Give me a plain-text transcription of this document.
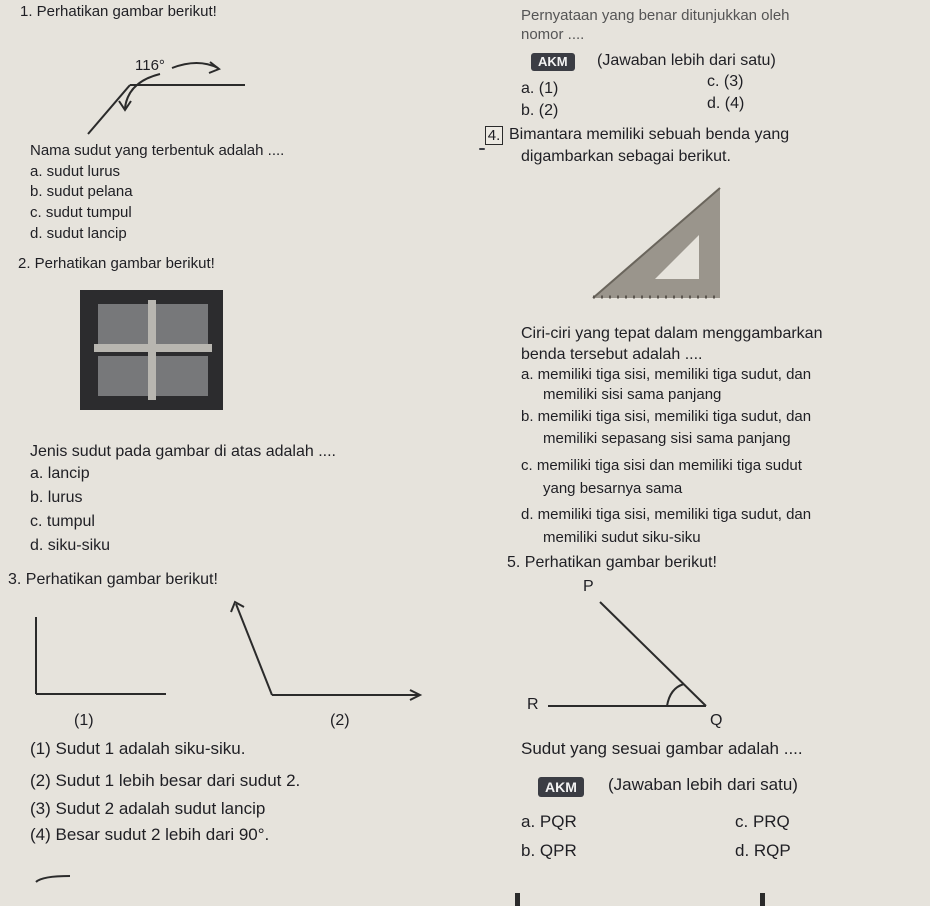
1. Perhatikan gambar berikut!
116°
Nama sudut yang terbentuk adalah ....
a. sudut lurus
b. sudut pelana
c. sudut tumpul
d. sudut lancip
2. Perhatikan gambar berikut!
Jenis sudut pada gambar di atas adalah ....
a. lancip
b. lurus
c. tumpul
d. siku-siku
3. Perhatikan gambar berikut!
(1)	(2)
(1) Sudut 1 adalah siku-siku.
(2) Sudut 1 lebih besar dari sudut 2.
(3) Sudut 2 adalah sudut lancip
(4) Besar sudut 2 lebih dari 90°.
Pernyataan yang benar ditunjukkan oleh
nomor ....
AKM	(Jawaban lebih dari satu)
a. (1)
b. (2)
c. (3)
d. (4)
4. Bimantara memiliki sebuah benda yang
digambarkan sebagai berikut.
Ciri-ciri yang tepat dalam menggambarkan
benda tersebut adalah ....
a. memiliki tiga sisi, memiliki tiga sudut, dan
memiliki sisi sama panjang
b. memiliki tiga sisi, memiliki tiga sudut, dan
memiliki sepasang sisi sama panjang
c. memiliki tiga sisi dan memiliki tiga sudut
yang besarnya sama
d. memiliki tiga sisi, memiliki tiga sudut, dan
memiliki sudut siku-siku
5. Perhatikan gambar berikut!
P
R
Q
Sudut yang sesuai gambar adalah ....
AKM	(Jawaban lebih dari satu)
a. PQR
b. QPR
c. PRQ
d. RQP
